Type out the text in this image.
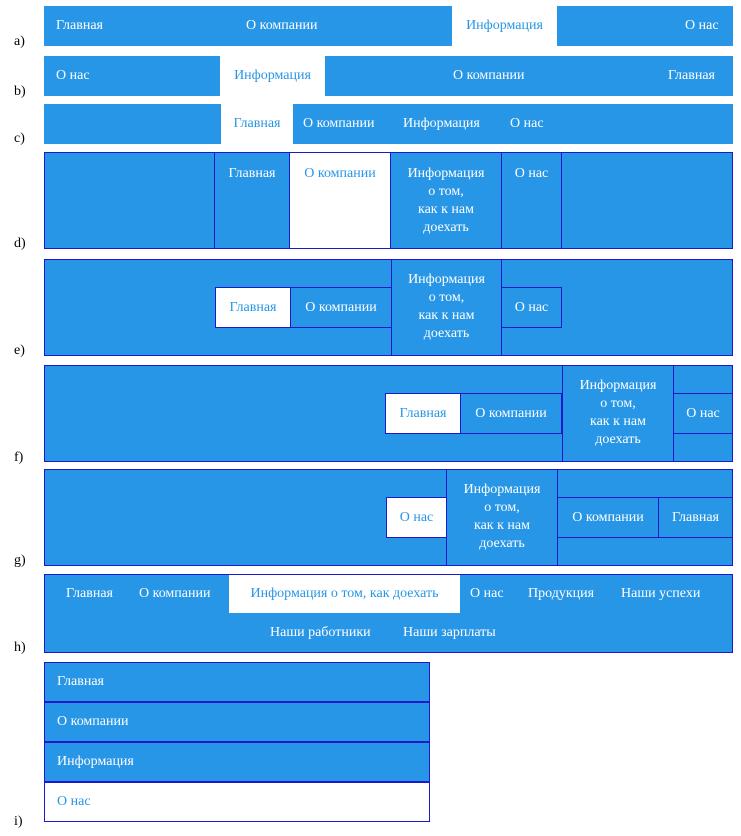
Главная	О компании	Информация	О нас
a)
О нас	Информация	О компании	Главная
b)
Главная	О компании Информация О нас
c)
Главная	О компании	Информация
о том,
как к нам
доехать
О нас
d)
Главная	О компании
Информация
о том,
как к нам
доехать
О нас
e)
Главная	О компании
Информация
о том,
как к нам
доехать
О нас
f)
О нас
Информация
о том,
как к нам
доехать
О компании	Главная
g)
Главная О компании	Информация о том, как доехать	О нас Продукция Наши успехи
Наши работники Наши зарплаты
h)
Главная
О компании
Информация
О нас
i)
